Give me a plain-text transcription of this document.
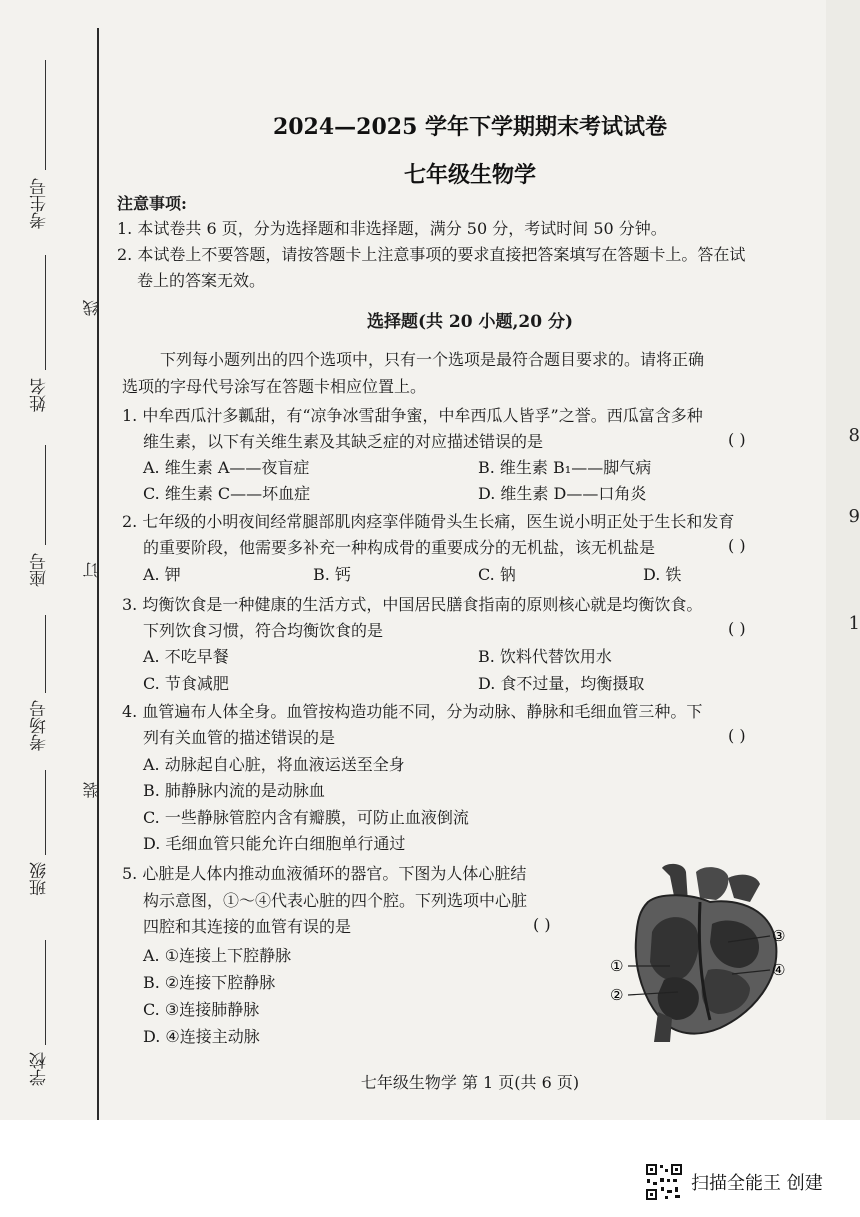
考生号
姓名
座号
考场号
班级
学校
线
订
装
8
9
1
2024—2025 学年下学期期末考试试卷
七年级生物学
注意事项:
1. 本试卷共 6 页，分为选择题和非选择题，满分 50 分，考试时间 50 分钟。
2. 本试卷上不要答题，请按答题卡上注意事项的要求直接把答案填写在答题卡上。答在试
卷上的答案无效。
选择题(共 20 小题,20 分)
下列每小题列出的四个选项中，只有一个选项是最符合题目要求的。请将正确
选项的字母代号涂写在答题卡相应位置上。
1. 中牟西瓜汁多瓤甜，有“凉争冰雪甜争蜜，中牟西瓜人皆孚”之誉。西瓜富含多种
维生素，以下有关维生素及其缺乏症的对应描述错误的是	( )
A. 维生素 A——夜盲症	B. 维生素 B₁——脚气病
C. 维生素 C——坏血症	D. 维生素 D——口角炎
2. 七年级的小明夜间经常腿部肌肉痉挛伴随骨头生长痛，医生说小明正处于生长和发育
的重要阶段，他需要多补充一种构成骨的重要成分的无机盐，该无机盐是	( )
A. 钾	B. 钙	C. 钠	D. 铁
3. 均衡饮食是一种健康的生活方式，中国居民膳食指南的原则核心就是均衡饮食。
下列饮食习惯，符合均衡饮食的是	( )
A. 不吃早餐	B. 饮料代替饮用水
C. 节食减肥	D. 食不过量，均衡摄取
4. 血管遍布人体全身。血管按构造功能不同，分为动脉、静脉和毛细血管三种。下
列有关血管的描述错误的是	( )
A. 动脉起自心脏，将血液运送至全身
B. 肺静脉内流的是动脉血
C. 一些静脉管腔内含有瓣膜，可防止血液倒流
D. 毛细血管只能允许白细胞单行通过
5. 心脏是人体内推动血液循环的器官。下图为人体心脏结
构示意图，①～④代表心脏的四个腔。下列选项中心脏
四腔和其连接的血管有误的是	( )
A. ①连接上下腔静脉
B. ②连接下腔静脉
C. ③连接肺静脉
D. ④连接主动脉
①
②
③
④
七年级生物学 第 1 页(共 6 页)
扫描全能王 创建
